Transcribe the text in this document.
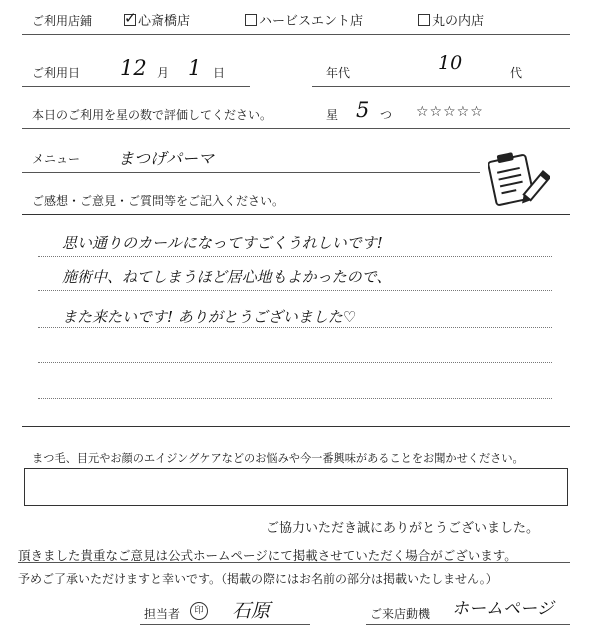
ご利用店鋪 ✓ 心斎橋店	ハービスエント店	丸の内店
ご利用日 12 月 1 日	年代	10	代
本日のご利用を星の数で評価してください。	星 5 つ ☆☆☆☆☆
メニュー まつげパーマ
ご感想・ご意見・ご質問等をご記入ください。
思い通りのカールになってすごくうれしいです!
施術中、ねてしまうほど居心地もよかったので、
また来たいです! ありがとうございました♡
まつ毛、目元やお顔のエイジングケアなどのお悩みや今一番興味があることをお聞かせください。
ご協力いただき誠にありがとうございました。
頂きました貴重なご意見は公式ホームページにて掲載させていただく場合がございます。
予めご了承いただけますと幸いです。（掲載の際にはお名前の部分は掲載いたしません。）
担当者	印 石原	ご来店動機 ホームページ
